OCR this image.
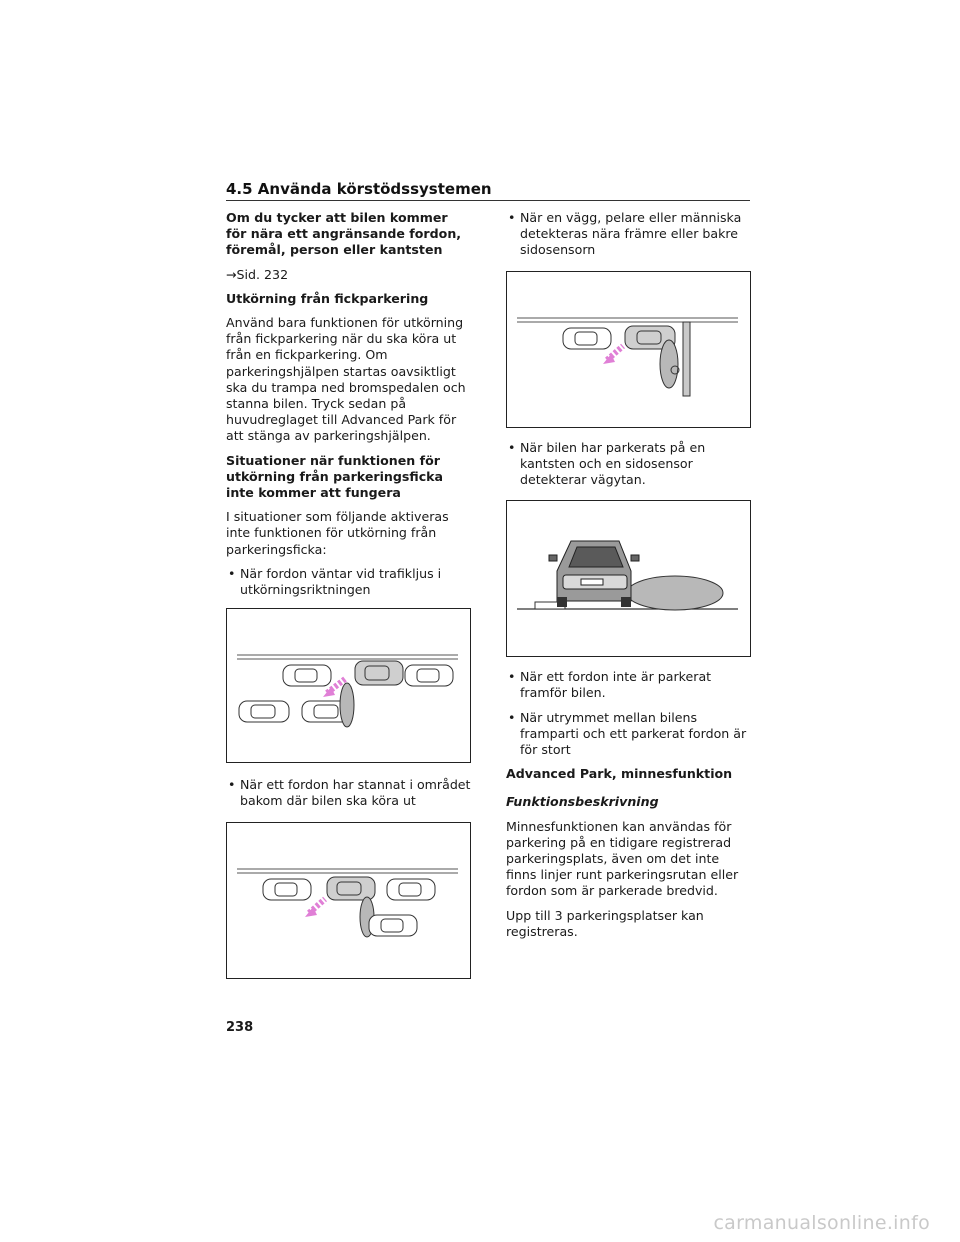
4.5 Använda körstödssystemen
Om du tycker att bilen kommer för nära ett angränsande fordon, föremål, person eller kantsten
→Sid. 232
Utkörning från fickparkering
Använd bara funktionen för utkörning från fickparkering när du ska köra ut från en fickparkering. Om parkeringshjälpen startas oavsiktligt ska du trampa ned bromspedalen och stanna bilen. Tryck sedan på huvudreglaget till Advanced Park för att stänga av parkeringshjälpen.
Situationer när funktionen för utkörning från parkeringsficka inte kommer att fungera
I situationer som följande aktiveras inte funktionen för utkörning från parkeringsficka:
• När fordon väntar vid trafikljus i utkörningsriktningen
• När ett fordon har stannat i området bakom där bilen ska köra ut
• När en vägg, pelare eller människa detekteras nära främre eller bakre sidosensorn
• När bilen har parkerats på en kantsten och en sidosensor detekterar vägytan.
• När ett fordon inte är parkerat framför bilen.
• När utrymmet mellan bilens framparti och ett parkerat fordon är för stort
Advanced Park, minnesfunktion
Funktionsbeskrivning
Minnesfunktionen kan användas för parkering på en tidigare registrerad parkeringsplats, även om det inte finns linjer runt parkeringsrutan eller fordon som är parkerade bredvid.
Upp till 3 parkeringsplatser kan registreras.
238
carmanualsonline.info
